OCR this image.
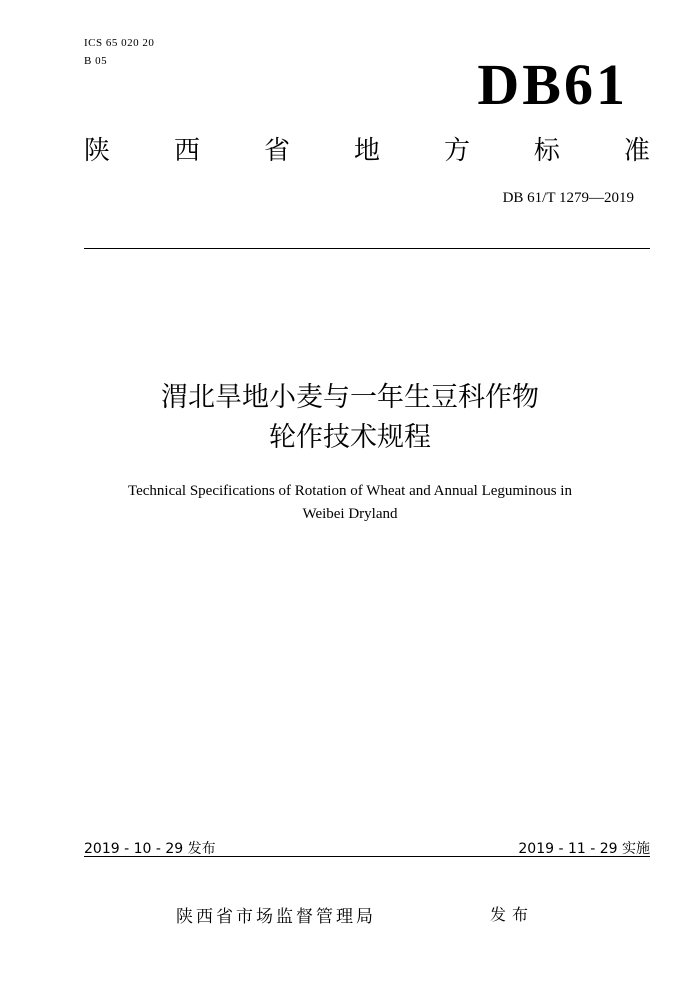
ICS 65 020 20
B 05	DB61
陕 西 省 地 方 标 准
DB 61/T 1279—2019
渭北旱地小麦与一年生豆科作物
轮作技术规程
Technical Specifications of Rotation of Wheat and Annual Leguminous in
Weibei Dryland
2019 - 10 - 29 发布	2019 - 11 - 29 实施
陕西省市场监督管理局	发布
